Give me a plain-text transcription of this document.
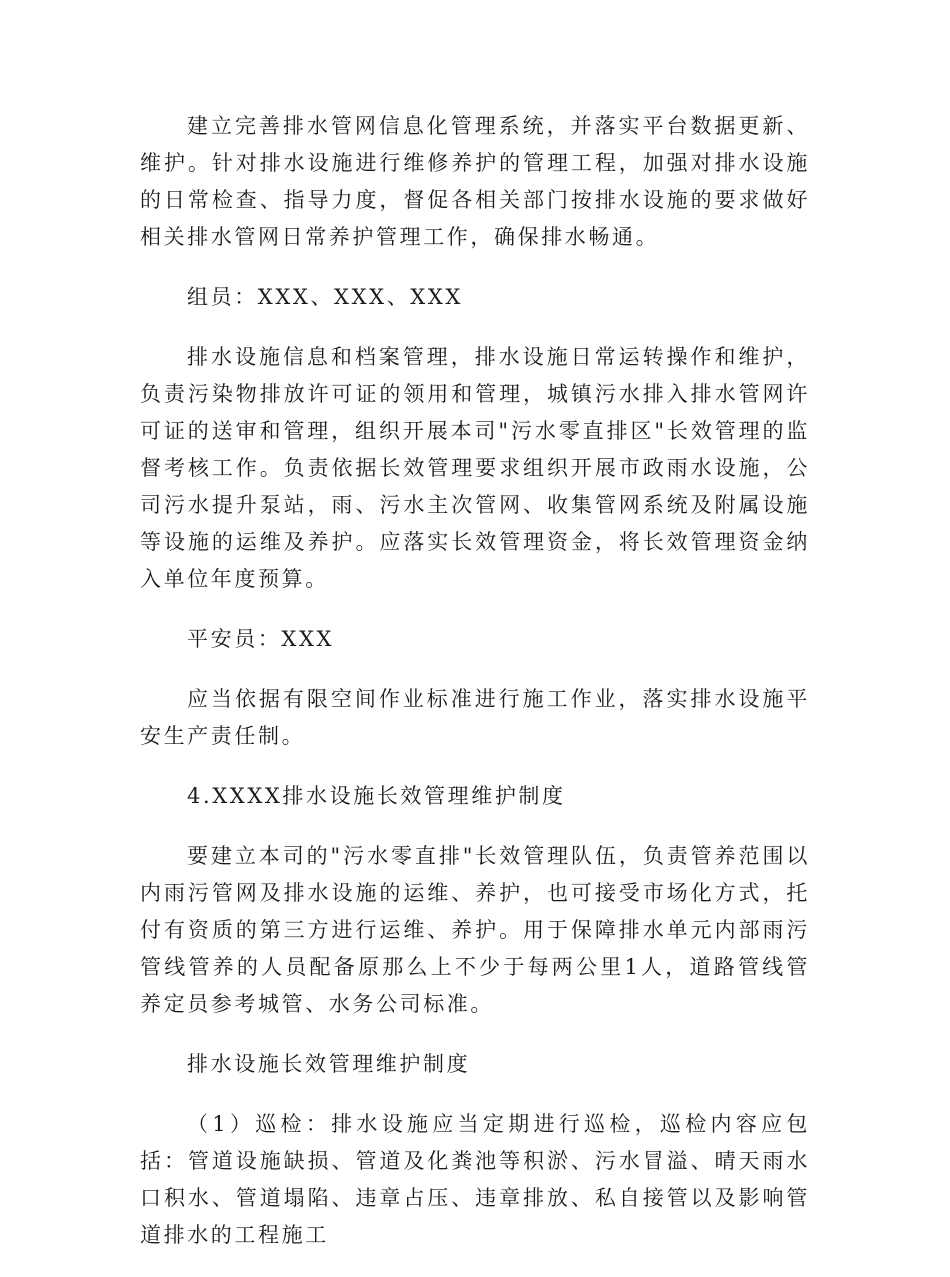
建立完善排水管网信息化管理系统，并落实平台数据更新、维护。针对排水设施进行维修养护的管理工程，加强对排水设施的日常检查、指导力度，督促各相关部门按排水设施的要求做好相关排水管网日常养护管理工作，确保排水畅通。

组员：XXX、XXX、XXX

排水设施信息和档案管理，排水设施日常运转操作和维护，负责污染物排放许可证的领用和管理，城镇污水排入排水管网许可证的送审和管理，组织开展本司"污水零直排区"长效管理的监督考核工作。负责依据长效管理要求组织开展市政雨水设施，公司污水提升泵站，雨、污水主次管网、收集管网系统及附属设施等设施的运维及养护。应落实长效管理资金，将长效管理资金纳入单位年度预算。

平安员：XXX

应当依据有限空间作业标准进行施工作业，落实排水设施平安生产责任制。

4.XXXX排水设施长效管理维护制度

要建立本司的"污水零直排"长效管理队伍，负责管养范围以内雨污管网及排水设施的运维、养护，也可接受市场化方式，托付有资质的第三方进行运维、养护。用于保障排水单元内部雨污管线管养的人员配备原那么上不少于每两公里1人，道路管线管养定员参考城管、水务公司标准。

排水设施长效管理维护制度

（1）巡检：排水设施应当定期进行巡检，巡检内容应包括：管道设施缺损、管道及化粪池等积淤、污水冒溢、晴天雨水口积水、管道塌陷、违章占压、违章排放、私自接管以及影响管道排水的工程施工
